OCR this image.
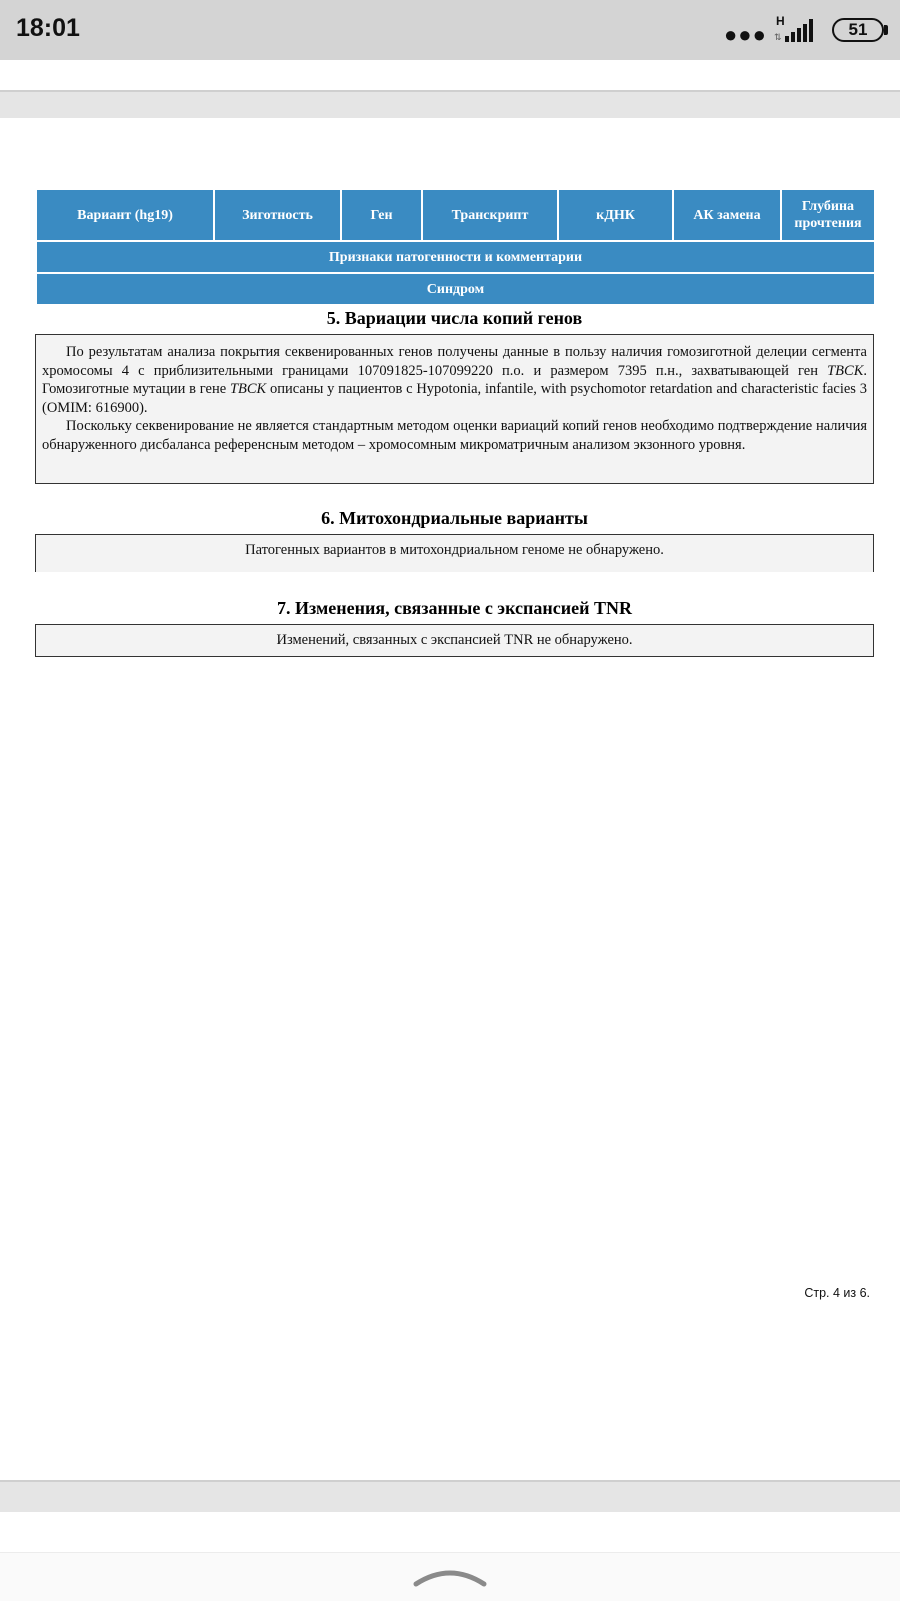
18:01	●●●
H
⇅	51
Вариант (hg19)	Зиготность	Ген	Транскрипт	кДНК	АК замена	Глубина прочтения
Признаки патогенности и комментарии
Синдром
5. Вариации числа копий генов

По результатам анализа покрытия секвенированных генов получены данные в пользу наличия гомозиготной делеции сегмента хромосомы 4 с приблизительными границами 107091825-107099220 п.о. и размером 7395 п.н., захватывающей ген TBCK. Гомозиготные мутации в гене TBCK описаны у пациентов с Hypotonia, infantile, with psychomotor retardation and characteristic facies 3 (OMIM: 616900).

Поскольку секвенирование не является стандартным методом оценки вариаций копий генов необходимо подтверждение наличия обнаруженного дисбаланса референсным методом – хромосомным микроматричным анализом экзонного уровня.

6. Митохондриальные варианты
Патогенных вариантов в митохондриальном геноме не обнаружено.
7. Изменения, связанные с экспансией TNR
Изменений, связанных с экспансией TNR не обнаружено.
Стр. 4 из 6.
